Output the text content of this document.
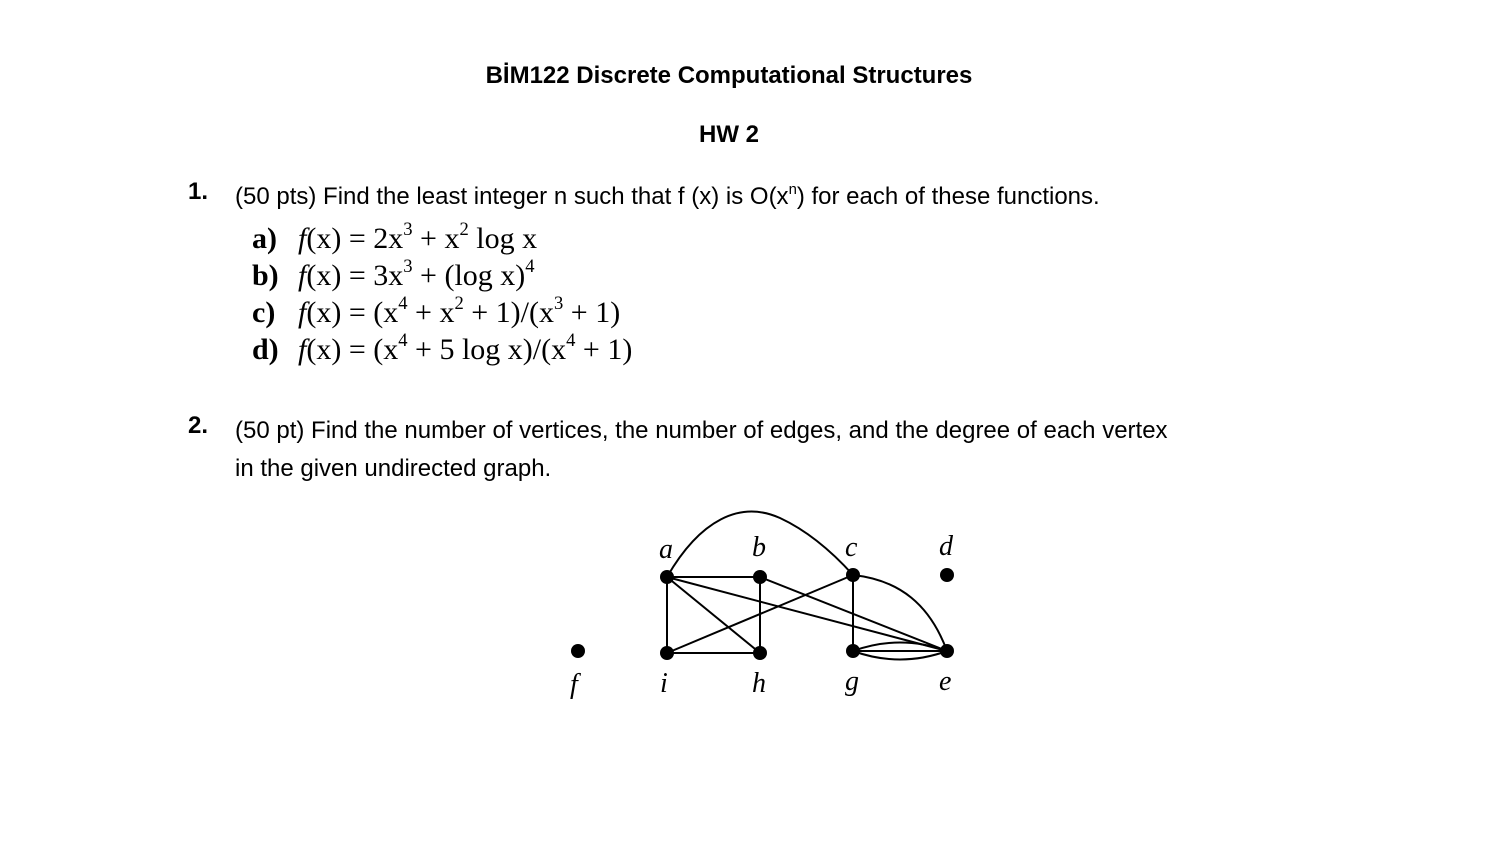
BİM122 Discrete Computational Structures
HW 2
1. (50 pts) Find the least integer n such that f (x) is $O(x^n)$ for each of these functions.
a) $f(x) = 2x^3 + x^2$ log x
b) $f(x) = 3x^3 + (\log$ x)$^4$
c) $f(x) = (x^4 + x^2 + 1)/(x^3 + 1)$
d) $f(x) = (x^4 + 5$ $\log x)/(x^4 + 1)$
2. (50 pt) Find the number of vertices, the number of edges, and the degree of each vertex
in the given undirected graph.
a	b	c	d
f	i	h	g	e
